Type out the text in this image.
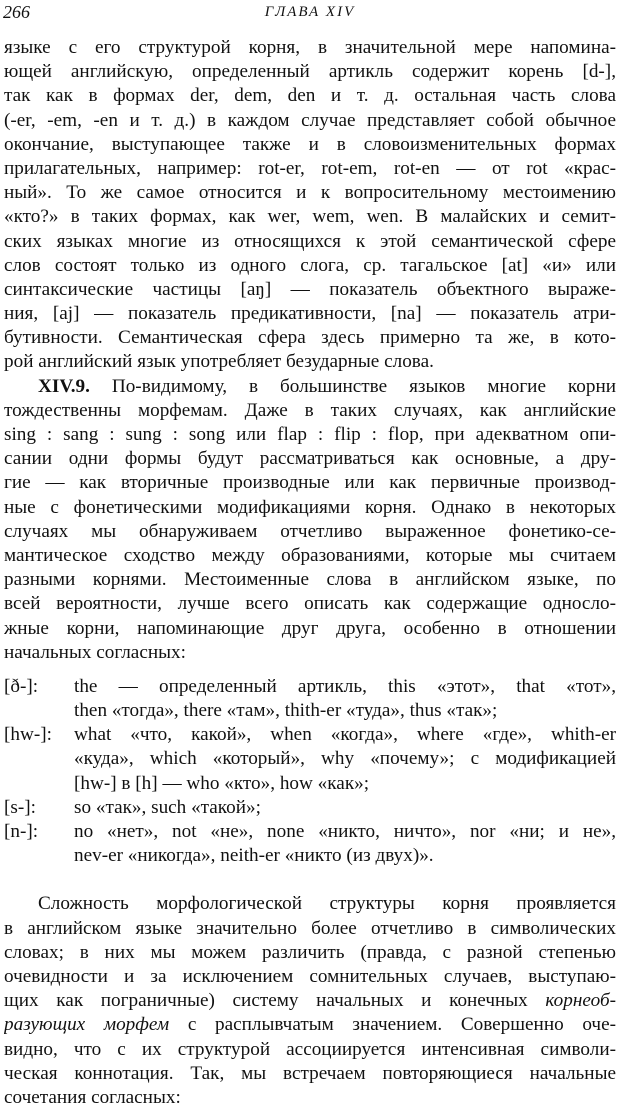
266	ГЛАВА XIV
языке с его структурой корня, в значительной мере напомина-
ющей английскую, определенный артикль содержит корень [d-],
так как в формах der, dem, den и т. д. остальная часть слова
(-er, -em, -en и т. д.) в каждом случае представляет собой обычное
окончание, выступающее также и в словоизменительных формах
прилагательных, например: rot-er, rot-em, rot-en — от rot «крас-
ный». То же самое относится и к вопросительному местоимению
«кто?» в таких формах, как wer, wem, wen. В малайских и семит-
ских языках многие из относящихся к этой семантической сфере
слов состоят только из одного слога, ср. тагальское [at] «и» или
синтаксические частицы [aŋ] — показатель объектного выраже-
ния, [aj] — показатель предикативности, [na] — показатель атри-
бутивности. Семантическая сфера здесь примерно та же, в кото-
рой английский язык употребляет безударные слова.
XIV.9. По-видимому, в большинстве языков многие корни
тождественны морфемам. Даже в таких случаях, как английские
sing : sang : sung : song или flap : flip : flop, при адекватном опи-
сании одни формы будут рассматриваться как основные, а дру-
гие — как вторичные производные или как первичные производ-
ные с фонетическими модификациями корня. Однако в некоторых
случаях мы обнаруживаем отчетливо выраженное фонетико-се-
мантическое сходство между образованиями, которые мы считаем
разными корнями. Местоименные слова в английском языке, по
всей вероятности, лучше всего описать как содержащие односло-
жные корни, напоминающие друг друга, особенно в отношении
начальных согласных:
[ð-]: the — определенный артикль, this «этот», that «тот»,
then «тогда», there «там», thith-er «туда», thus «так»;
[hw-]: what «что, какой», when «когда», where «где», whith-er
«куда», which «который», why «почему»; с модификацией
[hw-] в [h] — who «кто», how «как»;
[s-]: so «так», such «такой»;
[n-]: no «нет», not «не», none «никто, ничто», nor «ни; и не»,
nev-er «никогда», neith-er «никто (из двух)».
Сложность морфологической структуры корня проявляется
в английском языке значительно более отчетливо в символических
словах; в них мы можем различить (правда, с разной степенью
очевидности и за исключением сомнительных случаев, выступаю-
щих как пограничные) систему начальных и конечных корнеоб-
разующих морфем с расплывчатым значением. Совершенно оче-
видно, что с их структурой ассоциируется интенсивная символи-
ческая коннотация. Так, мы встречаем повторяющиеся начальные
сочетания согласных:
